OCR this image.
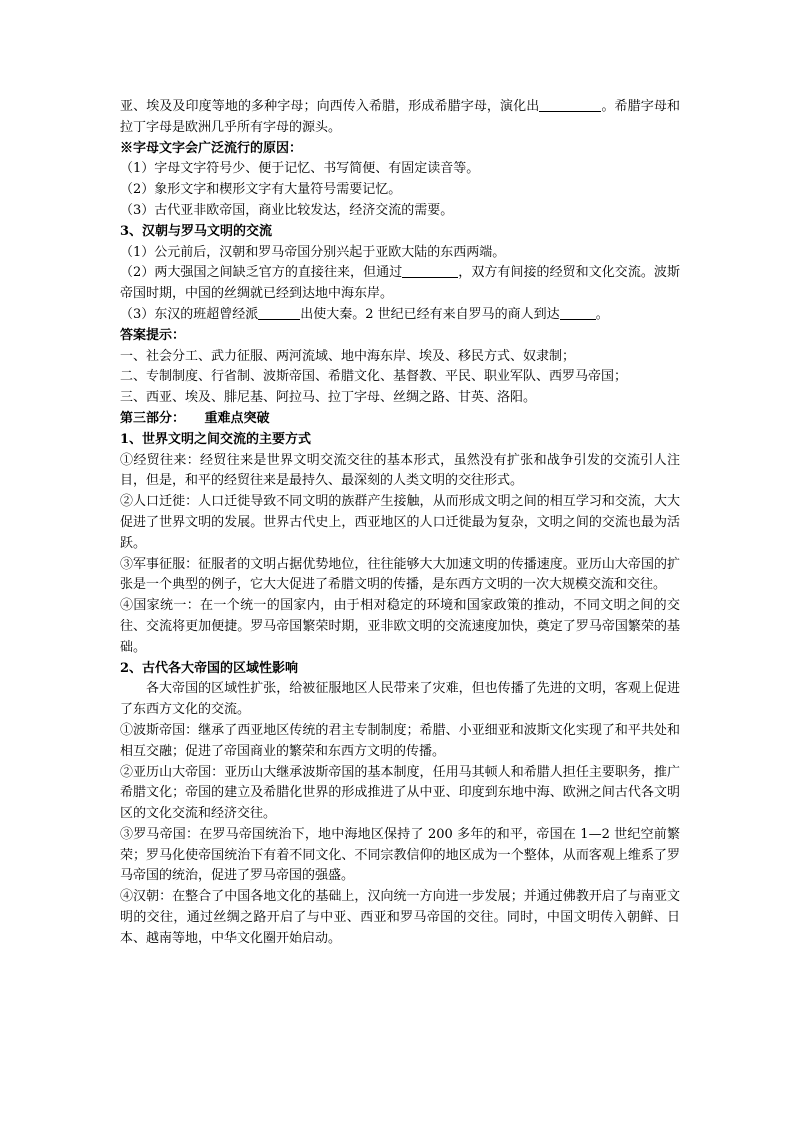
亚、埃及及印度等地的多种字母；向西传入希腊，形成希腊字母，演化出	。希腊字母和拉丁字母是欧洲几乎所有字母的源头。

※字母文字会广泛流行的原因：

（1）字母文字符号少、便于记忆、书写简便、有固定读音等。

（2）象形文字和楔形文字有大量符号需要记忆。

（3）古代亚非欧帝国，商业比较发达，经济交流的需要。

3、汉朝与罗马文明的交流

（1）公元前后，汉朝和罗马帝国分别兴起于亚欧大陆的东西两端。

（2）两大强国之间缺乏官方的直接往来，但通过	，双方有间接的经贸和文化交流。波斯帝国时期，中国的丝绸就已经到达地中海东岸。

（3）东汉的班超曾经派	出使大秦。2 世纪已经有来自罗马的商人到达	。

答案提示：

一、社会分工、武力征服、两河流域、地中海东岸、埃及、移民方式、奴隶制；

二、专制制度、行省制、波斯帝国、希腊文化、基督教、平民、职业军队、西罗马帝国；

三、西亚、埃及、腓尼基、阿拉马、拉丁字母、丝绸之路、甘英、洛阳。

第三部分：　　重难点突破

1、世界文明之间交流的主要方式

①经贸往来：经贸往来是世界文明交流交往的基本形式，虽然没有扩张和战争引发的交流引人注目，但是，和平的经贸往来是最持久、最深刻的人类文明的交往形式。

②人口迁徙：人口迁徙导致不同文明的族群产生接触，从而形成文明之间的相互学习和交流，大大促进了世界文明的发展。世界古代史上，西亚地区的人口迁徙最为复杂，文明之间的交流也最为活跃。

③军事征服：征服者的文明占据优势地位，往往能够大大加速文明的传播速度。亚历山大帝国的扩张是一个典型的例子，它大大促进了希腊文明的传播，是东西方文明的一次大规模交流和交往。

④国家统一：在一个统一的国家内，由于相对稳定的环境和国家政策的推动，不同文明之间的交往、交流将更加便捷。罗马帝国繁荣时期，亚非欧文明的交流速度加快，奠定了罗马帝国繁荣的基础。

2、古代各大帝国的区域性影响

各大帝国的区域性扩张，给被征服地区人民带来了灾难，但也传播了先进的文明，客观上促进了东西方文化的交流。

①波斯帝国：继承了西亚地区传统的君主专制制度；希腊、小亚细亚和波斯文化实现了和平共处和相互交融；促进了帝国商业的繁荣和东西方文明的传播。

②亚历山大帝国：亚历山大继承波斯帝国的基本制度，任用马其顿人和希腊人担任主要职务，推广希腊文化；帝国的建立及希腊化世界的形成推进了从中亚、印度到东地中海、欧洲之间古代各文明区的文化交流和经济交往。

③罗马帝国：在罗马帝国统治下，地中海地区保持了 200 多年的和平，帝国在 1—2 世纪空前繁荣；罗马化使帝国统治下有着不同文化、不同宗教信仰的地区成为一个整体，从而客观上维系了罗马帝国的统治，促进了罗马帝国的强盛。

④汉朝：在整合了中国各地文化的基础上，汉向统一方向进一步发展；并通过佛教开启了与南亚文明的交往，通过丝绸之路开启了与中亚、西亚和罗马帝国的交往。同时，中国文明传入朝鲜、日本、越南等地，中华文化圈开始启动。
